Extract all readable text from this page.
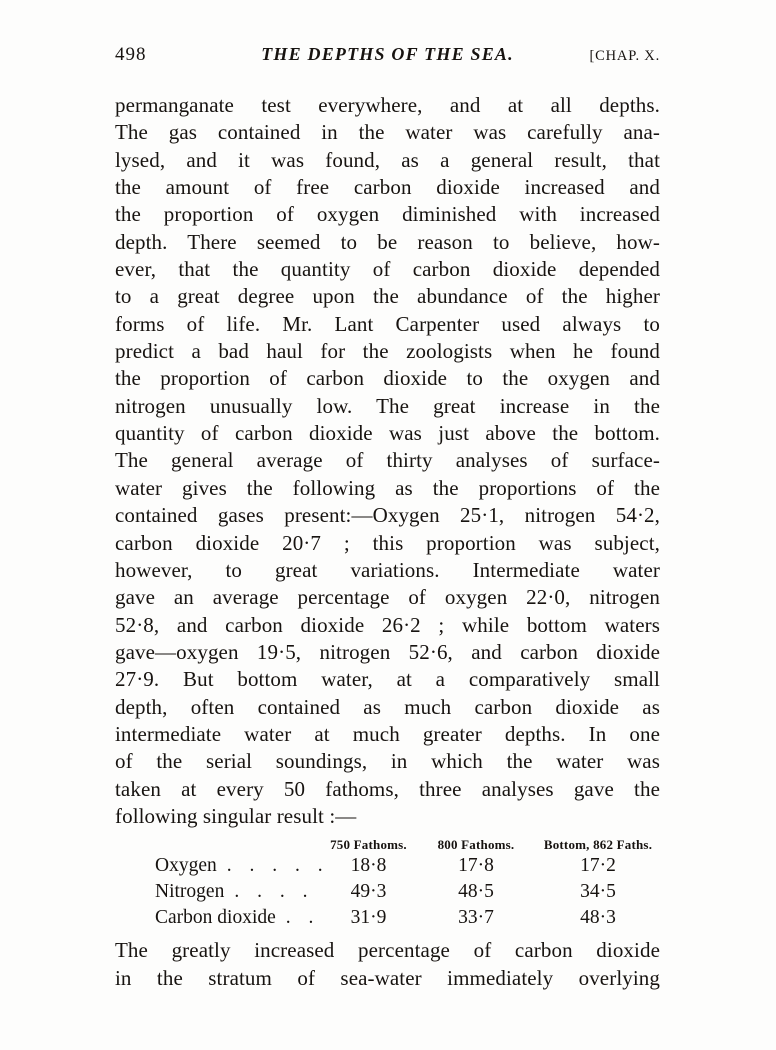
498	THE DEPTHS OF THE SEA.	[CHAP. X.
permanganate test everywhere, and at all depths.
The gas contained in the water was carefully ana-
lysed, and it was found, as a general result, that
the amount of free carbon dioxide increased and
the proportion of oxygen diminished with increased
depth. There seemed to be reason to believe, how-
ever, that the quantity of carbon dioxide depended
to a great degree upon the abundance of the higher
forms of life. Mr. Lant Carpenter used always to
predict a bad haul for the zoologists when he found
the proportion of carbon dioxide to the oxygen and
nitrogen unusually low. The great increase in the
quantity of carbon dioxide was just above the bottom.
The general average of thirty analyses of surface-
water gives the following as the proportions of the
contained gases present:—Oxygen 25·1, nitrogen 54·2,
carbon dioxide 20·7 ; this proportion was subject,
however, to great variations. Intermediate water
gave an average percentage of oxygen 22·0, nitrogen
52·8, and carbon dioxide 26·2 ; while bottom waters
gave—oxygen 19·5, nitrogen 52·6, and carbon dioxide
27·9. But bottom water, at a comparatively small
depth, often contained as much carbon dioxide as
intermediate water at much greater depths. In one
of the serial soundings, in which the water was
taken at every 50 fathoms, three analyses gave the
following singular result :—
750 Fathoms.	800 Fathoms.	Bottom, 862 Faths.
Oxygen . . . . .	18·8	17·8	17·2
Nitrogen . . . .	49·3	48·5	34·5
Carbon dioxide . .	31·9	33·7	48·3
The greatly increased percentage of carbon dioxide
in the stratum of sea-water immediately overlying
